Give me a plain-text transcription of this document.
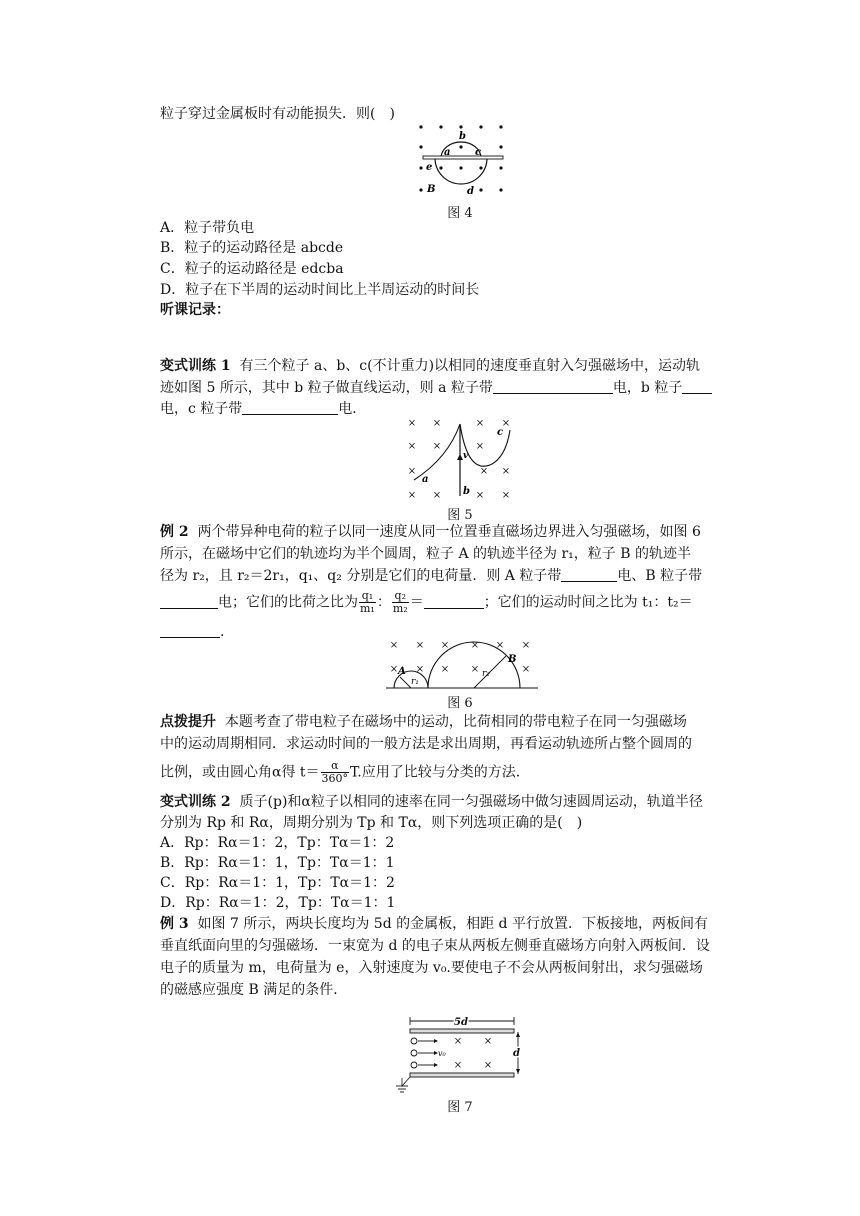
粒子穿过金属板时有动能损失．则(　)
a
b
c
e
d
B
图 4
A．粒子带负电
B．粒子的运动路径是 abcde
C．粒子的运动路径是 edcba
D．粒子在下半周的运动时间比上半周运动的时间长
听课记录：
变式训练 1 有三个粒子 a、b、c(不计重力)以相同的速度垂直射入匀强磁场中，运动轨
迹如图 5 所示，其中 b 粒子做直线运动，则 a 粒子带	电，b 粒子
电，c 粒子带	电．
× ×	× ×
× ×	×
×	× ×
× ×	× ×
a
b
c
v
图 5
例 2 两个带异种电荷的粒子以同一速度从同一位置垂直磁场边界进入匀强磁场，如图 6
所示，在磁场中它们的轨迹均为半个圆周，粒子 A 的轨迹半径为 r₁，粒子 B 的轨迹半
径为 r₂，且 r₂＝2r₁，q₁、q₂ 分别是它们的电荷量．则 A 粒子带	电、B 粒子带
电；它们的比荷之比为 $\frac{\text{q₁}}{\text{m₁}}$ ： $\frac{\text{q₂}}{\text{m₂}}$ ＝	；它们的运动时间之比为 t₁：t₂＝
.
× × × × × ×
× × × ×	×
A
B
r₁
r₂
图 6
点拨提升 本题考查了带电粒子在磁场中的运动，比荷相同的带电粒子在同一匀强磁场
中的运动周期相同．求运动时间的一般方法是求出周期，再看运动轨迹所占整个圆周的
比例，或由圆心角α得 $t= \frac{\alpha}{360^\circ} T$.应用了比较与分类的方法．
变式训练 2 质子(p)和α粒子以相同的速率在同一匀强磁场中做匀速圆周运动，轨道半径
分别为 Rp 和 Rα，周期分别为 Tp 和 Tα，则下列选项正确的是(　)
A．Rp：Rα＝1：2，Tp：Tα＝1：2
B．Rp：Rα＝1：1，Tp：Tα＝1：1
C．Rp：Rα＝1：1，Tp：Tα＝1：2
D．Rp：Rα＝1：2，Tp：Tα＝1：1
例 3 如图 7 所示，两块长度均为 5d 的金属板，相距 d 平行放置．下板接地，两板间有
垂直纸面向里的匀强磁场．一束宽为 d 的电子束从两板左侧垂直磁场方向射入两板间．设
电子的质量为 m，电荷量为 e，入射速度为 v₀.要使电子不会从两板间射出，求匀强磁场
的磁感应强度 B 满足的条件．
5d
d
v₀
× ×
× ×
图 7
